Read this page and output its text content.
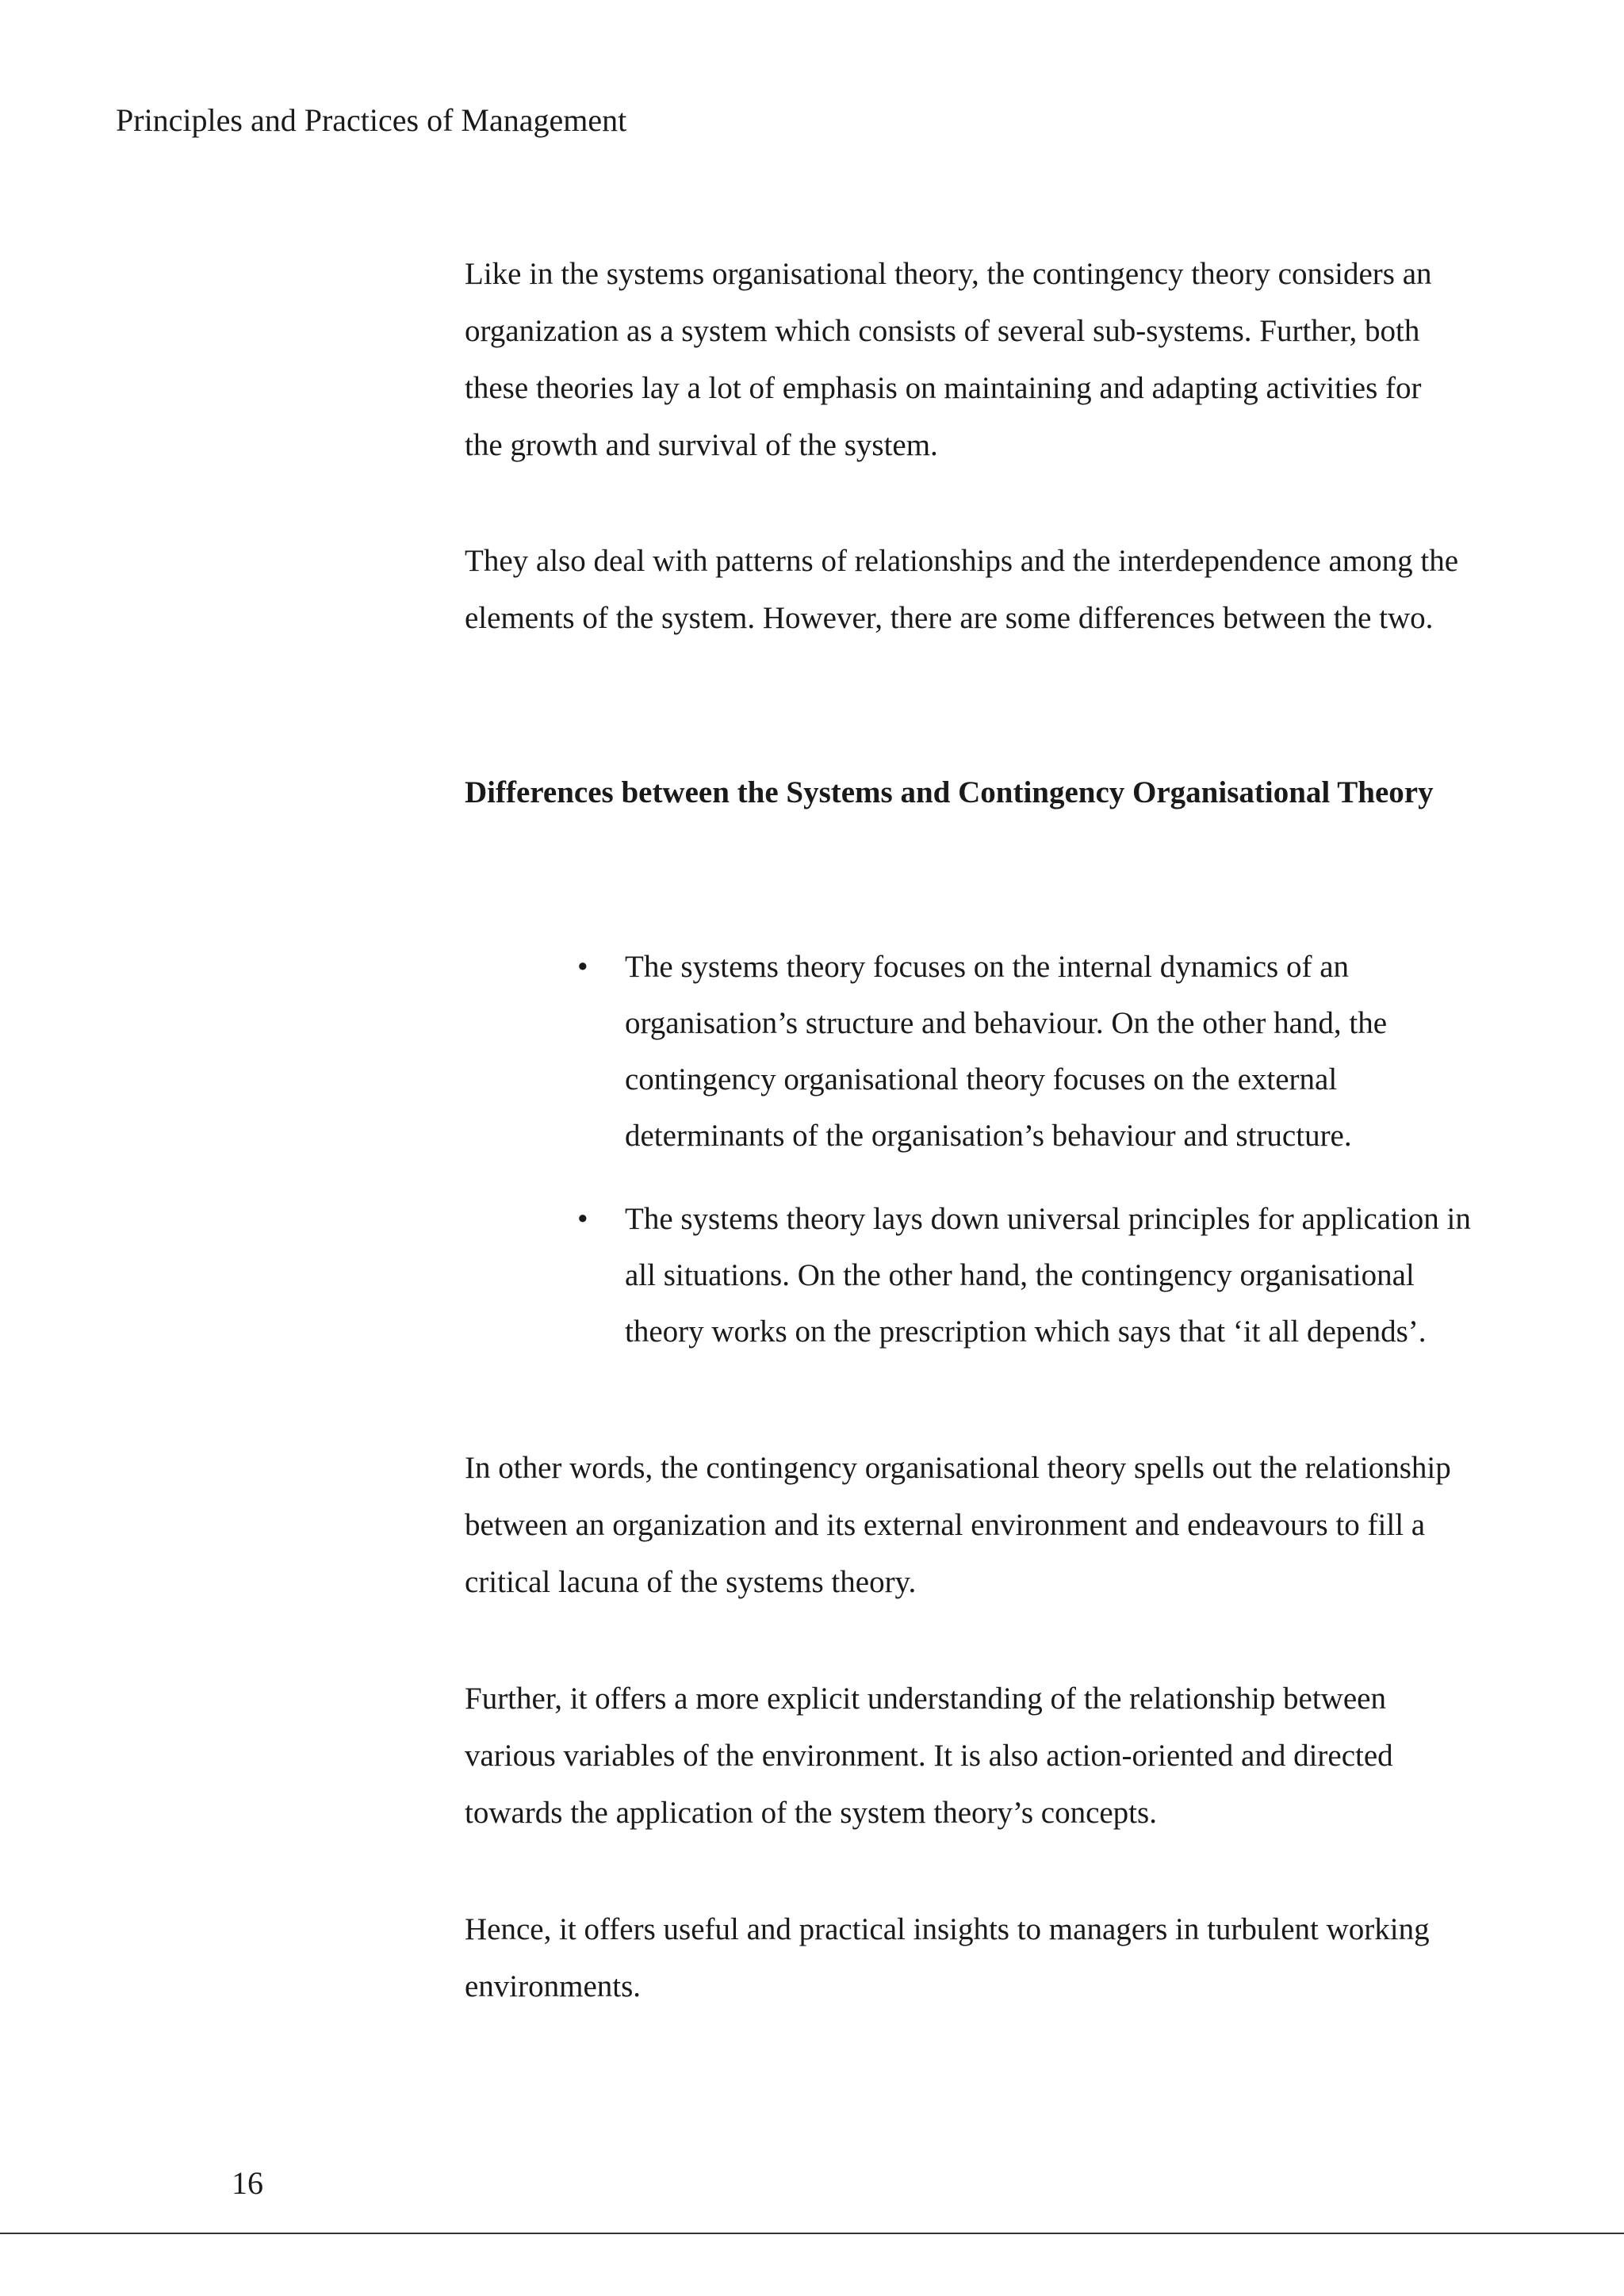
Principles and Practices of Management

Like in the systems organisational theory, the contingency theory considers an organization as a system which consists of several sub-systems. Further, both these theories lay a lot of emphasis on maintaining and adapting activities for the growth and survival of the system.

They also deal with patterns of relationships and the interdependence among the elements of the system. However, there are some differences between the two.

Differences between the Systems and Contingency Organisational Theory
• The systems theory focuses on the internal dynamics of an organisation’s structure and behaviour. On the other hand, the contingency organisational theory focuses on the external determinants of the organisation’s behaviour and structure.
• The systems theory lays down universal principles for application in all situations. On the other hand, the contingency organisational theory works on the prescription which says that ‘it all depends’.

In other words, the contingency organisational theory spells out the relationship between an organization and its external environment and endeavours to fill a critical lacuna of the systems theory.

Further, it offers a more explicit understanding of the relationship between various variables of the environment. It is also action-oriented and directed towards the application of the system theory’s concepts.

Hence, it offers useful and practical insights to managers in turbulent working environments.

16
